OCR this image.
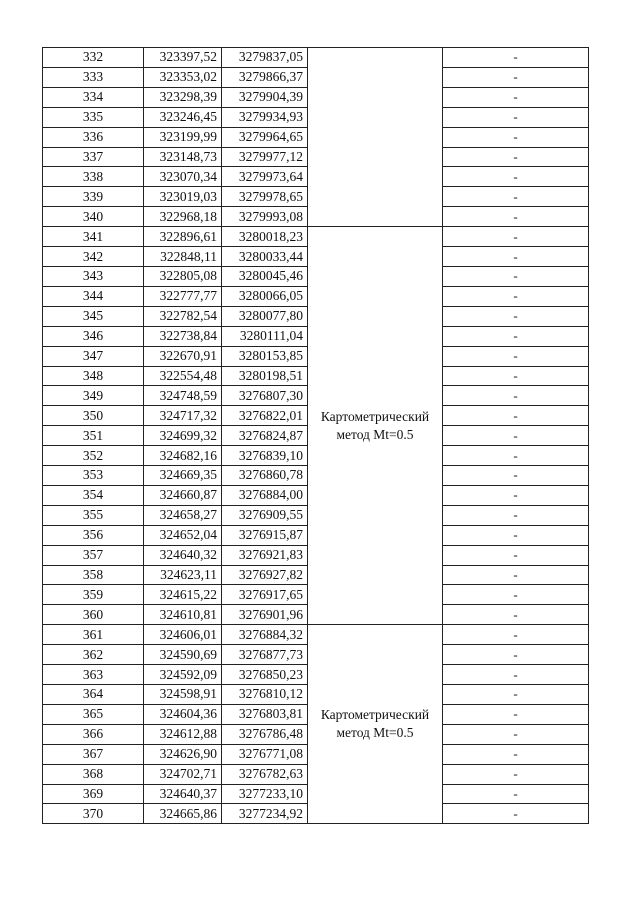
332	323397,52	3279837,05		-
333	323353,02	3279866,37		-
334	323298,39	3279904,39		-
335	323246,45	3279934,93		-
336	323199,99	3279964,65		-
337	323148,73	3279977,12		-
338	323070,34	3279973,64		-
339	323019,03	3279978,65		-
340	322968,18	3279993,08		-
341	322896,61	3280018,23	Картометрический метод Mt=0.5	-
342	322848,11	3280033,44		-
343	322805,08	3280045,46		-
344	322777,77	3280066,05		-
345	322782,54	3280077,80		-
346	322738,84	3280111,04		-
347	322670,91	3280153,85		-
348	322554,48	3280198,51		-
349	324748,59	3276807,30		-
350	324717,32	3276822,01		-
351	324699,32	3276824,87		-
352	324682,16	3276839,10		-
353	324669,35	3276860,78		-
354	324660,87	3276884,00		-
355	324658,27	3276909,55		-
356	324652,04	3276915,87		-
357	324640,32	3276921,83		-
358	324623,11	3276927,82		-
359	324615,22	3276917,65		-
360	324610,81	3276901,96		-
361	324606,01	3276884,32	Картометрический метод Mt=0.5	-
362	324590,69	3276877,73		-
363	324592,09	3276850,23		-
364	324598,91	3276810,12		-
365	324604,36	3276803,81		-
366	324612,88	3276786,48		-
367	324626,90	3276771,08		-
368	324702,71	3276782,63		-
369	324640,37	3277233,10		-
370	324665,86	3277234,92		-
